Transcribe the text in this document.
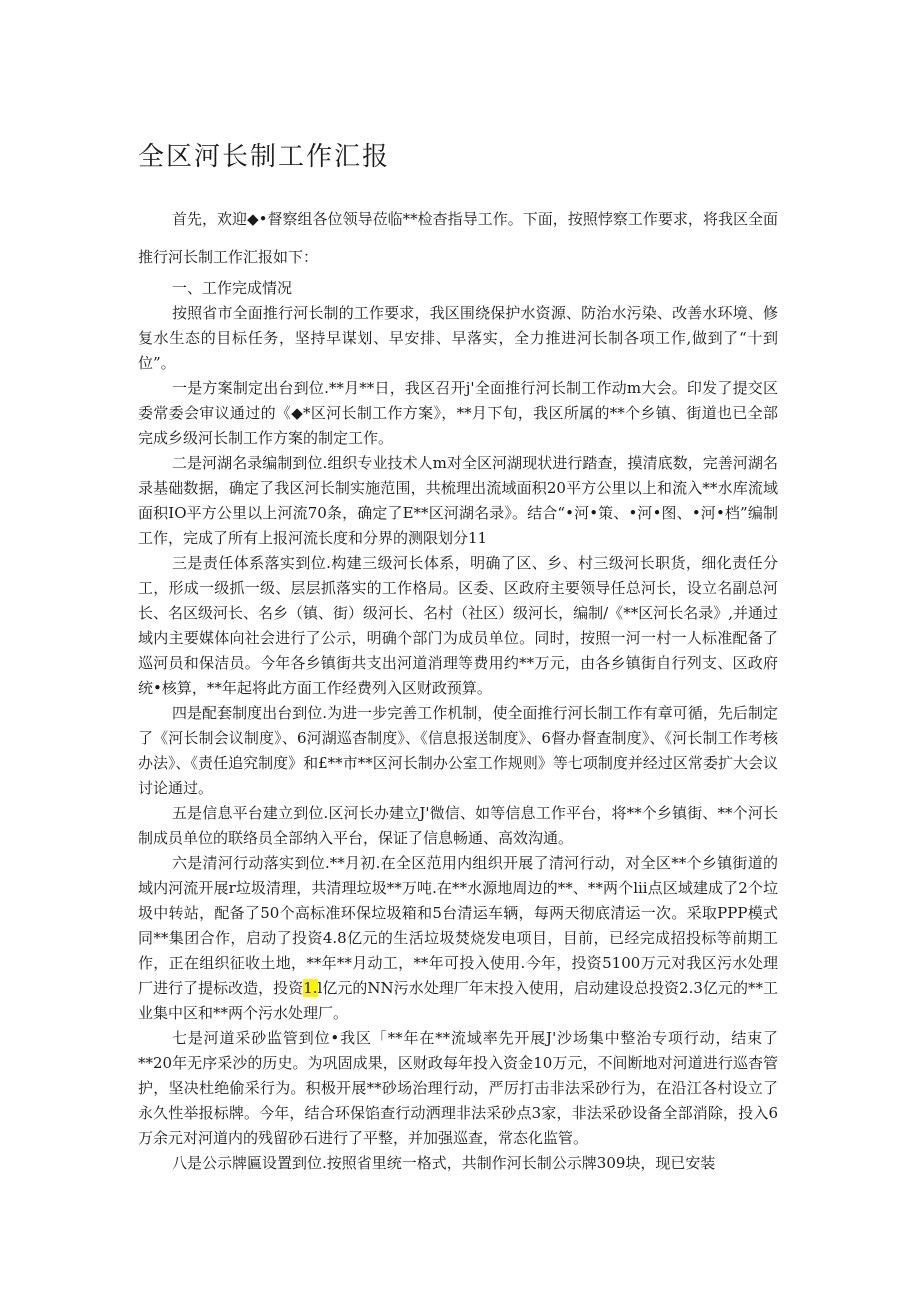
全区河长制工作汇报

首先，欢迎◆•督察组各位领导莅临**检杳指导工作。下面，按照悖察工作要求，将我区全面推行河长制工作汇报如下：

一、工作完成情况

按照省市全面推行河长制的工作要求，我区围绕保护水资源、防治水污染、改善水环境、修复水生态的目标任务，坚持早谋划、早安排、早落实，全力推进河长制各项工作,做到了“十到位”。

一是方案制定出台到位.**月**日，我区召开j'全面推行河长制工作动m大会。印发了提交区委常委会审议通过的《◆*区河长制工作方案》，**月下旬，我区所属的**个乡镇、街道也已全部完成乡级河长制工作方案的制定工作。

二是河湖名录编制到位.组织专业技术人m对全区河湖现状进行踏查，摸清底数，完善河湖名录基础数据，确定了我区河长制实施范围，共梳理出流域面积20平方公里以上和流入**水库流域面积IO平方公里以上河流70条，确定了E**区河湖名录》。结合“•河•策、•河•图、•河•档”编制工作，完成了所有上报河流长度和分界的测限划分11

三是责任体系落实到位.构建三级河长体系，明确了区、乡、村三级河长职货，细化责任分工，形成一级抓一级、层层抓落实的工作格局。区委、区政府主要领导任总河长，设立名副总河长、名区级河长、名乡（镇、街）级河长、名村（社区）级河长，编制/《**区河长名录》,并通过域内主要媒体向社会进行了公示，明确个部门为成员单位。同时，按照一河一村一人标准配备了巡河员和保洁员。今年各乡镇街共支出河道消理等费用约**万元，由各乡镇街自行列支、区政府统•核算，**年起将此方面工作经费列入区财政预算。

四是配套制度出台到位.为进一步完善工作机制，使全面推行河长制工作有章可循，先后制定了《河长制会议制度》、6河湖巡杳制度》、《信息报送制度》、6督办督查制度》、《河长制工作考核办法》、《责任追究制度》和£**市**区河长制办公室工作规则》等七项制度并经过区常委扩大会议讨论通过。

五是信息平台建立到位.区河长办建立J'微信、如等信息工作平台，将**个乡镇街、**个河长制成员单位的联络员全部纳入平台，保证了信息畅通、高效沟通。

六是清河行动落实到位.**月初.在全区范用内组织开展了清河行动，对全区**个乡镇街道的域内河流开展r垃圾清理，共清理垃圾**万吨.在**水源地周边的**、**两个lii点区域建成了2个垃圾中转站，配备了50个高标准环保垃圾箱和5台清运车辆，每两天彻底清运一次。采取PPP模式同**集团合作，启动了投资4.8亿元的生活垃圾焚烧发电项目，目前，已经完成招投标等前期工作，正在组织征收土地，**年**月动工，**年可投入使用.今年，投资5100万元对我区污水处理厂进行了提标改造，投资1.l亿元的NN污水处理厂年末投入使用，启动建设总投资2.3亿元的**工业集中区和**两个污水处理厂。

七是河道采砂监管到位•我区「**年在**流域率先开展J'沙场集中整治专项行动，结束了**20年无序采沙的历史。为巩固成果，区财政每年投入资金10万元，不间断地对河道进行巡杳管护，坚决杜绝偷采行为。积极开展**砂场治理行动，严厉打击非法采砂行为，在沿江各村设立了永久性举报标牌。今年，结合环保馅查行动洒理非法采砂点3家，非法采砂设备全部消除，投入6万余元对河道内的残留砂石进行了平整，并加强巡查，常态化监管。

八是公示牌匾设置到位.按照省里统一格式，共制作河长制公示牌309块，现已安装
